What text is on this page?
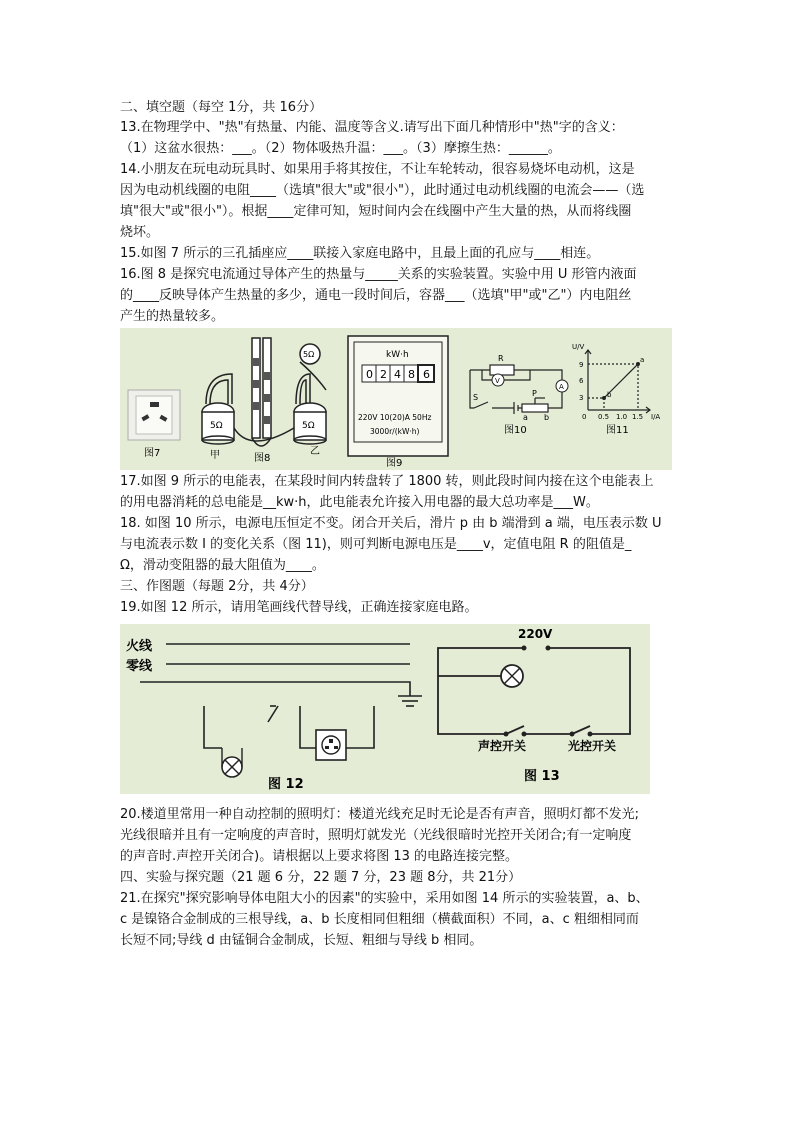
二、填空题（每空 1分，共 16分）
13.在物理学中、"热"有热量、内能、温度等含义.请写出下面几种情形中"热"字的含义：
（1）这盆水很热：___。（2）物体吸热升温：___。（3）摩擦生热：______。
14.小朋友在玩电动玩具时、如果用手将其按住，不让车轮转动，很容易烧坏电动机，这是
因为电动机线圈的电阻____（选填"很大"或"很小"），此时通过电动机线圈的电流会——（选
填"很大"或"很小"）。根据____定律可知，短时间内会在线圈中产生大量的热，从而将线圈
烧坏。
15.如图 7 所示的三孔插座应____联接入家庭电路中，且最上面的孔应与____相连。
16.图 8 是探究电流通过导体产生的热量与_____关系的实验装置。实验中用 U 形管内液面
的____反映导体产生热量的多少，通电一段时间后，容器___（选填"甲"或"乙"）内电阻丝
产生的热量较多。
图7
5Ω	5Ω
5Ω
甲	图8
乙
kW·h
0 2 4 8 6
220V 10(20)A 50Hz
3000r/(kW·h)
图9
R
V
A
S	P
a b
图10
U/V
9
6
3
0 0.5 1.0 1.5 I/A
a
b
图11
17.如图 9 所示的电能表，在某段时间内转盘转了 1800 转，则此段时间内接在这个电能表上
的用电器消耗的总电能是__kw·h，此电能表允许接入用电器的最大总功率是___W。
18. 如图 10 所示，电源电压恒定不变。闭合开关后，滑片 p 由 b 端滑到 a 端，电压表示数 U
与电流表示数 I 的变化关系（图 11)，则可判断电源电压是____v，定值电阻 R 的阻值是_
Ω，滑动变阻器的最大阻值为____。
三、作图题（每题 2分，共 4分）
19.如图 12 所示，请用笔画线代替导线，正确连接家庭电路。
火线
零线
图 12
220V
声控开关	光控开关
图 13
20.楼道里常用一种自动控制的照明灯：楼道光线充足时无论是否有声音，照明灯都不发光;
光线很暗并且有一定响度的声音时，照明灯就发光（光线很暗时光控开关闭合;有一定响度
的声音时.声控开关闭合)。请根据以上要求将图 13 的电路连接完整。
四、实验与探究题（21 题 6 分，22 题 7 分，23 题 8分，共 21分）
21.在探究"探究影响导体电阻大小的因素"的实验中，采用如图 14 所示的实验装置，a、b、
c 是镍铬合金制成的三根导线，a、b 长度相同但粗细（横截面积）不同，a、c 粗细相同而
长短不同;导线 d 由锰铜合金制成，长短、粗细与导线 b 相同。
